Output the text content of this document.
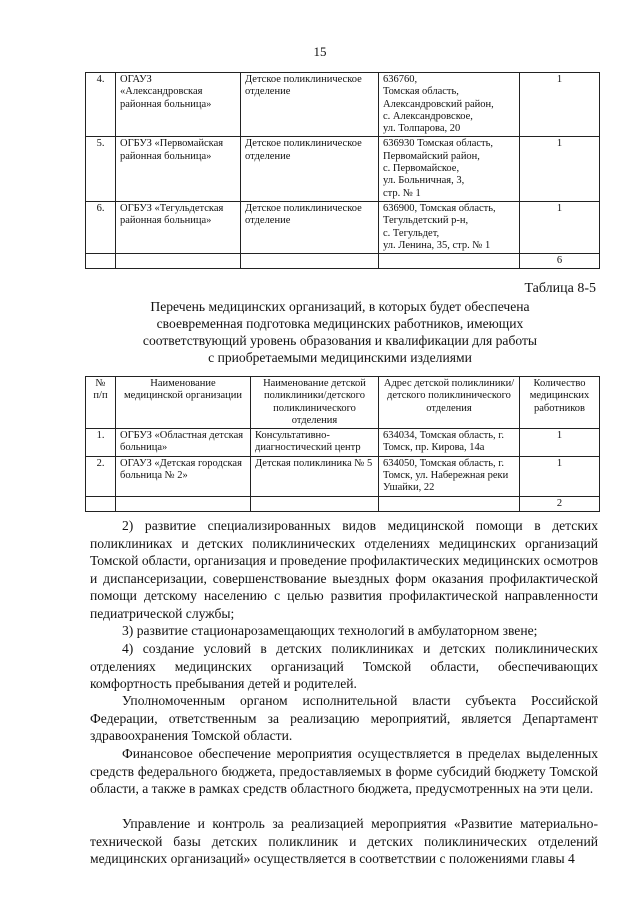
15
4.	ОГАУЗ «Александровская районная больница»	Детское поликлиническое отделение	636760,
Томская область,
Александровский район,
с. Александровское,
ул. Толпарова, 20	1
5.	ОГБУЗ «Первомайская районная больница»	Детское поликлиническое отделение	636930 Томская область,
Первомайский район,
с. Первомайское,
ул. Больничная, 3,
стр. № 1	1
6.	ОГБУЗ «Тегульдетская районная больница»	Детское поликлиническое отделение	636900, Томская область,
Тегульдетский р-н,
с. Тегульдет,
ул. Ленина, 35, стр. № 1	1
				6
Таблица 8-5
Перечень медицинских организаций, в которых будет обеспечена
своевременная подготовка медицинских работников, имеющих
соответствующий уровень образования и квалификации для работы
с приобретаемыми медицинскими изделиями
№ п/п	Наименование медицинской организации	Наименование детской поликлиники/детского поликлинического отделения	Адрес детской поликлиники/детского поликлинического отделения	Количество медицинских работников
1.	ОГБУЗ «Областная детская больница»	Консультативно-диагностический центр	634034, Томская область, г. Томск, пр. Кирова, 14а	1
2.	ОГАУЗ «Детская городская больница № 2»	Детская поликлиника № 5	634050, Томская область, г. Томск, ул. Набережная реки Ушайки, 22	1
				2

2) развитие специализированных видов медицинской помощи в детских поликлиниках и детских поликлинических отделениях медицинских организаций Томской области, организация и проведение профилактических медицинских осмотров и диспансеризации, совершенствование выездных форм оказания профилактической помощи детскому населению с целью развития профилактической направленности педиатрической службы;

3) развитие стационарозамещающих технологий в амбулаторном звене;

4) создание условий в детских поликлиниках и детских поликлинических отделениях медицинских организаций Томской области, обеспечивающих комфортность пребывания детей и родителей.

Уполномоченным органом исполнительной власти субъекта Российской Федерации, ответственным за реализацию мероприятий, является Департамент здравоохранения Томской области.

Финансовое обеспечение мероприятия осуществляется в пределах выделенных средств федерального бюджета, предоставляемых в форме субсидий бюджету Томской области, а также в рамках средств областного бюджета, предусмотренных на эти цели.

Управление и контроль за реализацией мероприятия «Развитие материально-технической базы детских поликлиник и детских поликлинических отделений медицинских организаций» осуществляется в соответствии с положениями главы 4
